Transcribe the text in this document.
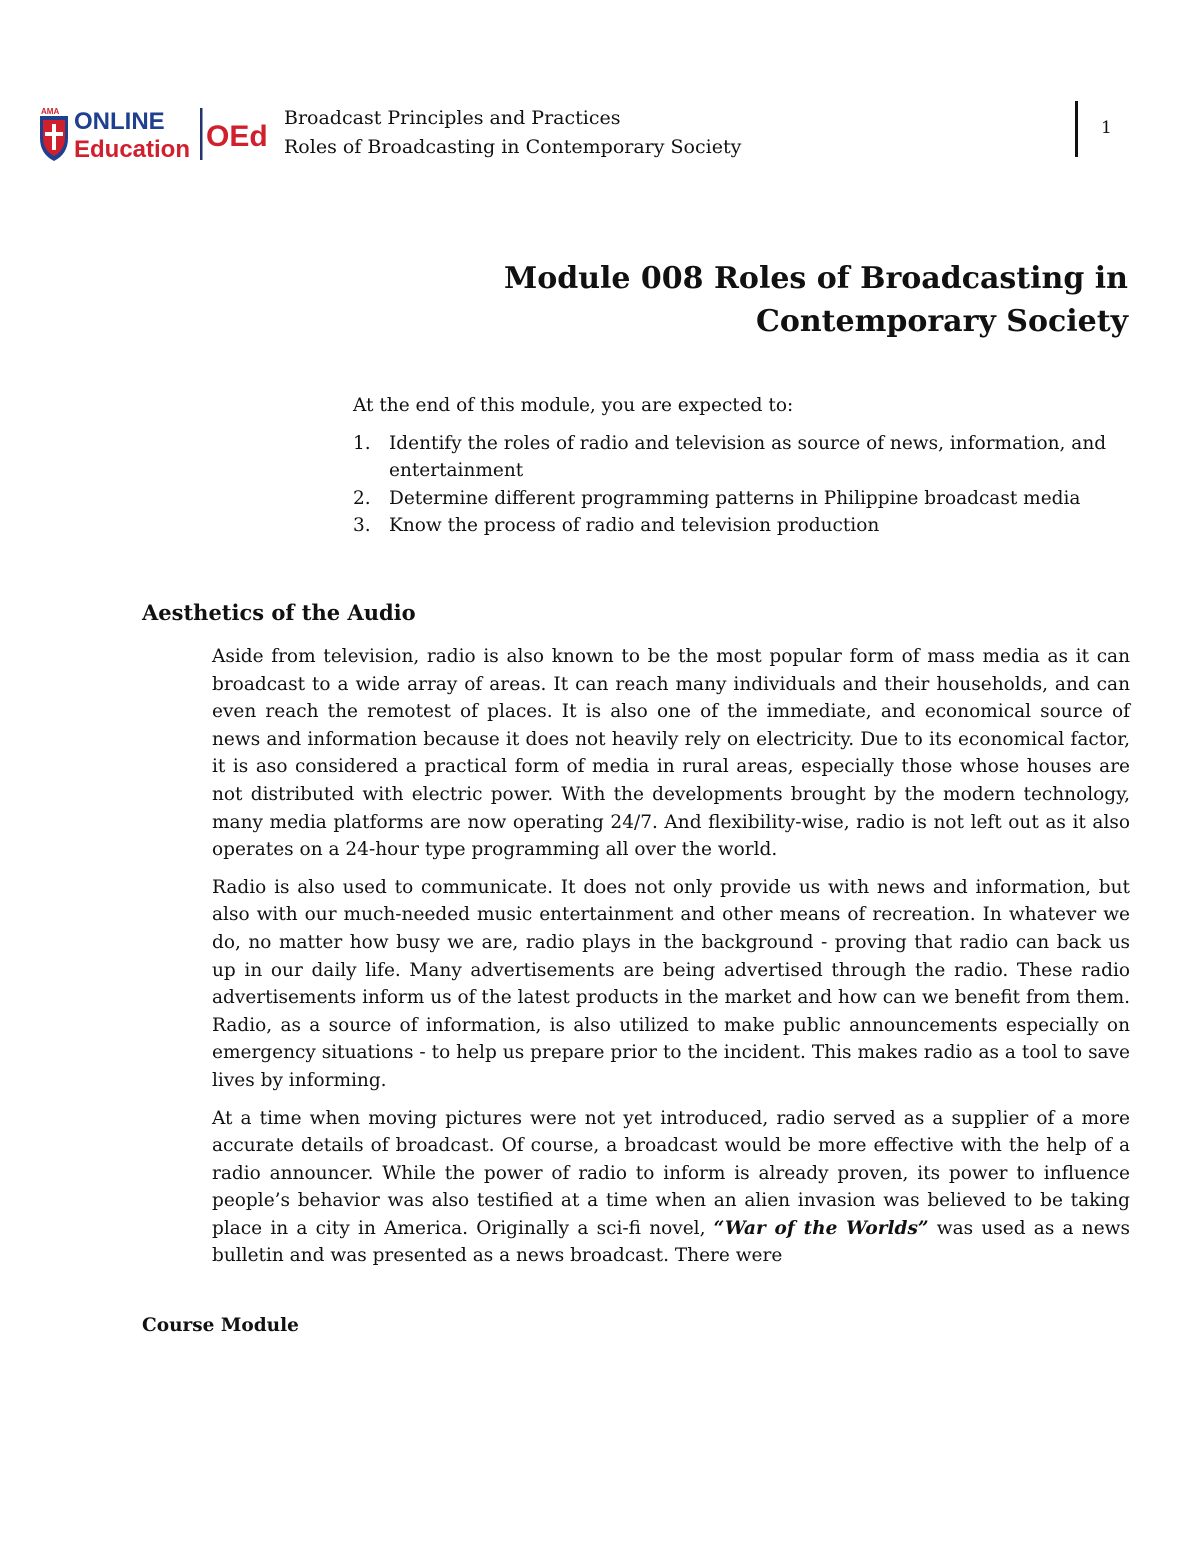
AMA ONLINE
Education OEd
Broadcast Principles and Practices
Roles of Broadcasting in Contemporary Society
1
Module 008 Roles of Broadcasting in
Contemporary Society

At the end of this module, you are expected to:

1. Identify the roles of radio and television as source of news, information, and entertainment
2. Determine different programming patterns in Philippine broadcast media
3. Know the process of radio and television production
Aesthetics of the Audio

Aside from television, radio is also known to be the most popular form of mass media as it can broadcast to a wide array of areas. It can reach many individuals and their households, and can even reach the remotest of places. It is also one of the immediate, and economical source of news and information because it does not heavily rely on electricity. Due to its economical factor, it is aso considered a practical form of media in rural areas, especially those whose houses are not distributed with electric power. With the developments brought by the modern technology, many media platforms are now operating 24/7. And flexibility-wise, radio is not left out as it also operates on a 24-hour type programming all over the world.

Radio is also used to communicate. It does not only provide us with news and information, but also with our much-needed music entertainment and other means of recreation. In whatever we do, no matter how busy we are, radio plays in the background - proving that radio can back us up in our daily life. Many advertisements are being advertised through the radio. These radio advertisements inform us of the latest products in the market and how can we benefit from them. Radio, as a source of information, is also utilized to make public announcements especially on emergency situations - to help us prepare prior to the incident. This makes radio as a tool to save lives by informing.

At a time when moving pictures were not yet introduced, radio served as a supplier of a more accurate details of broadcast. Of course, a broadcast would be more effective with the help of a radio announcer. While the power of radio to inform is already proven, its power to influence people’s behavior was also testified at a time when an alien invasion was believed to be taking place in a city in America. Originally a sci-fi novel, “War of the Worlds” was used as a news bulletin and was presented as a news broadcast. There were

Course Module
